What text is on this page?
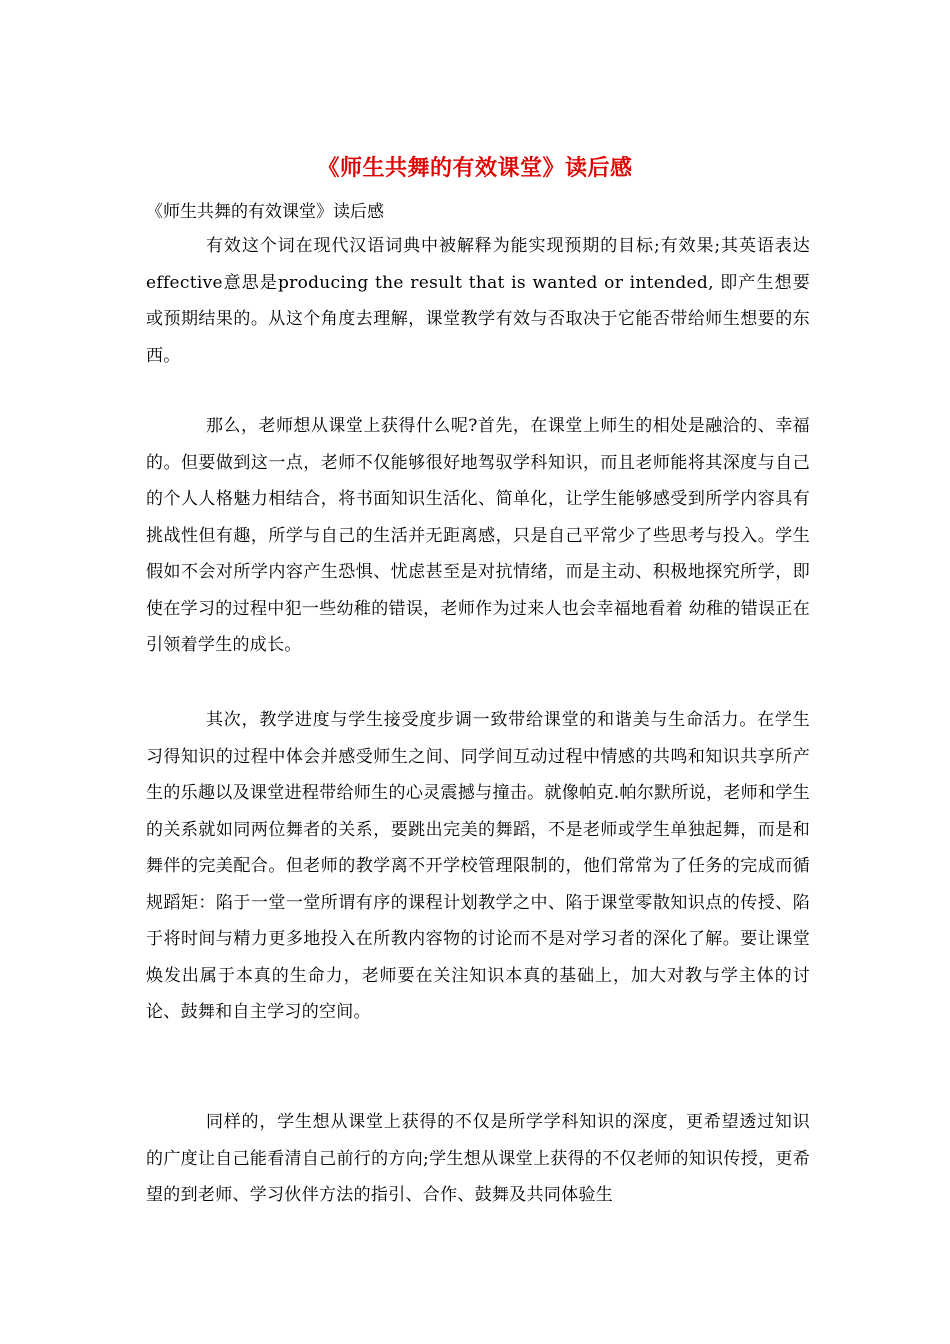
《师生共舞的有效课堂》读后感
《师生共舞的有效课堂》读后感

有效这个词在现代汉语词典中被解释为能实现预期的目标;有效果;其英语表达effective意思是producing the result that is wanted or intended, 即产生想要或预期结果的。从这个角度去理解，课堂教学有效与否取决于它能否带给师生想要的东西。

那么，老师想从课堂上获得什么呢?首先，在课堂上师生的相处是融洽的、幸福的。但要做到这一点，老师不仅能够很好地驾驭学科知识，而且老师能将其深度与自己的个人人格魅力相结合，将书面知识生活化、简单化，让学生能够感受到所学内容具有挑战性但有趣，所学与自己的生活并无距离感，只是自己平常少了些思考与投入。学生假如不会对所学内容产生恐惧、忧虑甚至是对抗情绪，而是主动、积极地探究所学，即使在学习的过程中犯一些幼稚的错误，老师作为过来人也会幸福地看着 幼稚的错误正在引领着学生的成长。

其次，教学进度与学生接受度步调一致带给课堂的和谐美与生命活力。在学生习得知识的过程中体会并感受师生之间、同学间互动过程中情感的共鸣和知识共享所产生的乐趣以及课堂进程带给师生的心灵震撼与撞击。就像帕克.帕尔默所说，老师和学生的关系就如同两位舞者的关系，要跳出完美的舞蹈，不是老师或学生单独起舞，而是和舞伴的完美配合。但老师的教学离不开学校管理限制的，他们常常为了任务的完成而循规蹈矩：陷于一堂一堂所谓有序的课程计划教学之中、陷于课堂零散知识点的传授、陷于将时间与精力更多地投入在所教内容物的讨论而不是对学习者的深化了解。要让课堂焕发出属于本真的生命力，老师要在关注知识本真的基础上，加大对教与学主体的讨论、鼓舞和自主学习的空间。

同样的，学生想从课堂上获得的不仅是所学学科知识的深度，更希望透过知识的广度让自己能看清自己前行的方向;学生想从课堂上获得的不仅老师的知识传授，更希望的到老师、学习伙伴方法的指引、合作、鼓舞及共同体验生
